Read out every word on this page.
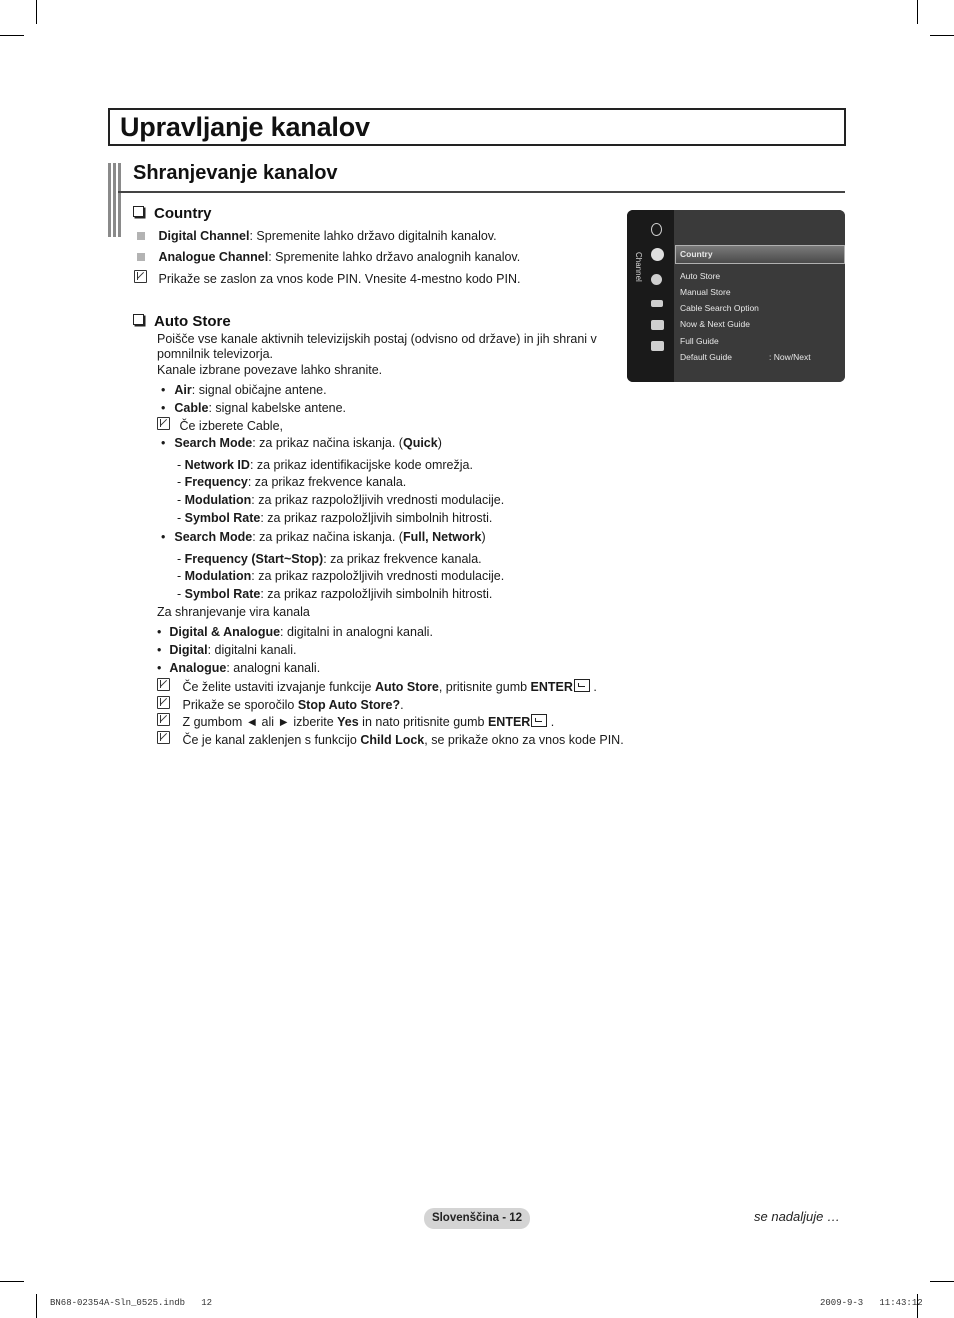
Upravljanje kanalov
Shranjevanje kanalov
Country
Digital Channel: Spremenite lahko državo digitalnih kanalov.
Analogue Channel: Spremenite lahko državo analognih kanalov.
Prikaže se zaslon za vnos kode PIN. Vnesite 4-mestno kodo PIN.
Auto Store
Poišče vse kanale aktivnih televizijskih postaj (odvisno od države) in jih shrani v
pomnilnik televizorja.
Kanale izbrane povezave lahko shranite.
• Air: signal običajne antene.
• Cable: signal kabelske antene.
Če izberete Cable,
• Search Mode: za prikaz načina iskanja. (Quick)
- Network ID: za prikaz identifikacijske kode omrežja.
- Frequency: za prikaz frekvence kanala.
- Modulation: za prikaz razpoložljivih vrednosti modulacije.
- Symbol Rate: za prikaz razpoložljivih simbolnih hitrosti.
• Search Mode: za prikaz načina iskanja. (Full, Network)
- Frequency (Start~Stop): za prikaz frekvence kanala.
- Modulation: za prikaz razpoložljivih vrednosti modulacije.
- Symbol Rate: za prikaz razpoložljivih simbolnih hitrosti.
Za shranjevanje vira kanala
• Digital & Analogue: digitalni in analogni kanali.
• Digital: digitalni kanali.
• Analogue: analogni kanali.
Če želite ustaviti izvajanje funkcije Auto Store, pritisnite gumb ENTER .
Prikaže se sporočilo Stop Auto Store?.
Z gumbom ◄ ali ► izberite Yes in nato pritisnite gumb ENTER .
Če je kanal zaklenjen s funkcijo Child Lock, se prikaže okno za vnos kode PIN.
Channel	Country
Auto Store
Manual Store
Cable Search Option
Now & Next Guide
Full Guide
Default Guide	: Now/Next
Slovenščina - 12	se nadaljuje …
BN68-02354A-Sln_0525.indb   12	2009-9-3   11:43:12
